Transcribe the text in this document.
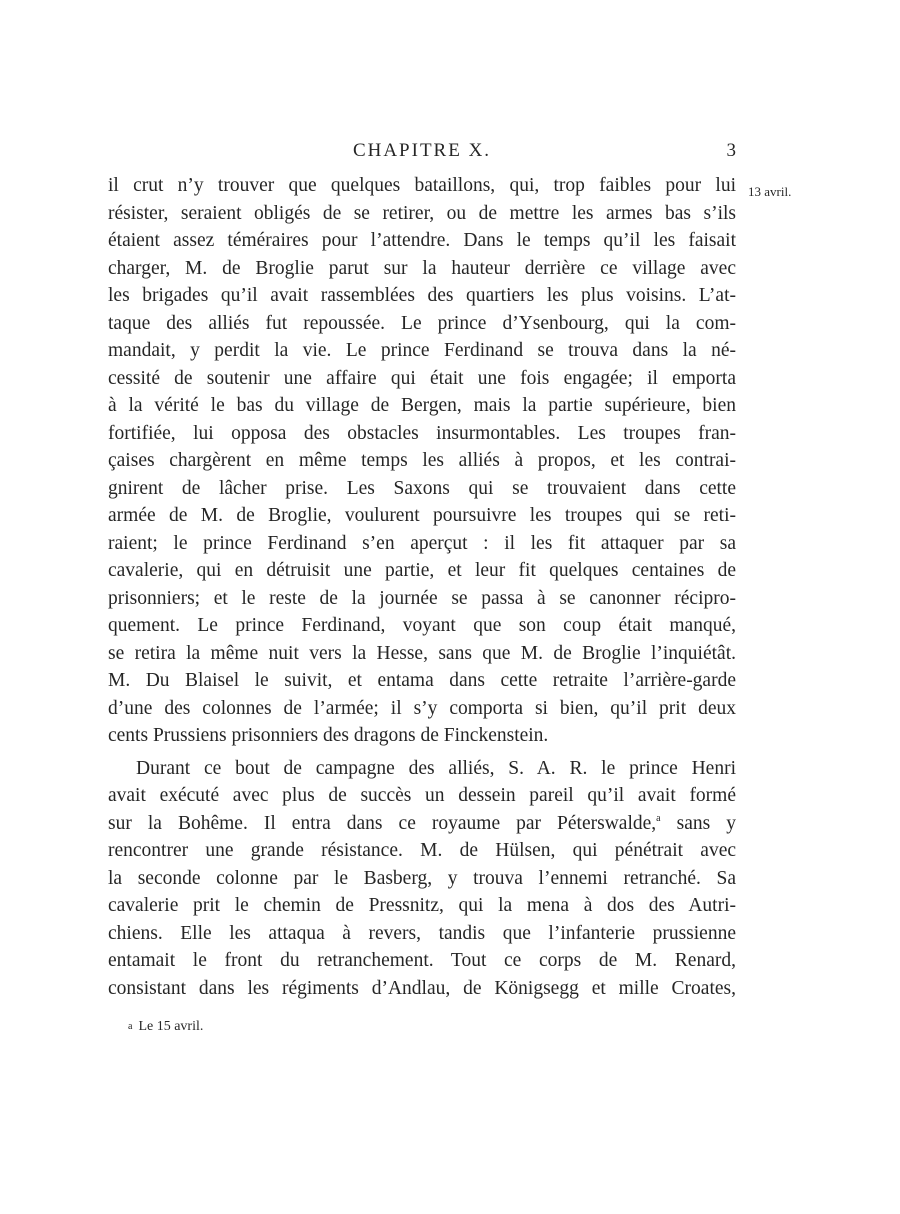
CHAPITRE X.	3
13 avril.
il crut n’y trouver que quelques bataillons, qui, trop faibles pour lui
résister, seraient obligés de se retirer, ou de mettre les armes bas s’ils
étaient assez téméraires pour l’attendre. Dans le temps qu’il les faisait
charger, M. de Broglie parut sur la hauteur derrière ce village avec
les brigades qu’il avait rassemblées des quartiers les plus voisins. L’at-
taque des alliés fut repoussée. Le prince d’Ysenbourg, qui la com-
mandait, y perdit la vie. Le prince Ferdinand se trouva dans la né-
cessité de soutenir une affaire qui était une fois engagée; il emporta
à la vérité le bas du village de Bergen, mais la partie supérieure, bien
fortifiée, lui opposa des obstacles insurmontables. Les troupes fran-
çaises chargèrent en même temps les alliés à propos, et les contrai-
gnirent de lâcher prise. Les Saxons qui se trouvaient dans cette
armée de M. de Broglie, voulurent poursuivre les troupes qui se reti-
raient; le prince Ferdinand s’en aperçut : il les fit attaquer par sa
cavalerie, qui en détruisit une partie, et leur fit quelques centaines de
prisonniers; et le reste de la journée se passa à se canonner récipro-
quement. Le prince Ferdinand, voyant que son coup était manqué,
se retira la même nuit vers la Hesse, sans que M. de Broglie l’inquiétât.
M. Du Blaisel le suivit, et entama dans cette retraite l’arrière-garde
d’une des colonnes de l’armée; il s’y comporta si bien, qu’il prit deux
cents Prussiens prisonniers des dragons de Finckenstein.
Durant ce bout de campagne des alliés, S. A. R. le prince Henri
avait exécuté avec plus de succès un dessein pareil qu’il avait formé
sur la Bohême. Il entra dans ce royaume par Péterswalde,$^a$ sans y
rencontrer une grande résistance. M. de Hülsen, qui pénétrait avec
la seconde colonne par le Basberg, y trouva l’ennemi retranché. Sa
cavalerie prit le chemin de Pressnitz, qui la mena à dos des Autri-
chiens. Elle les attaqua à revers, tandis que l’infanterie prussienne
entamait le front du retranchement. Tout ce corps de M. Renard,
consistant dans les régiments d’Andlau, de Königsegg et mille Croates,
$^a$ Le 15 avril.
